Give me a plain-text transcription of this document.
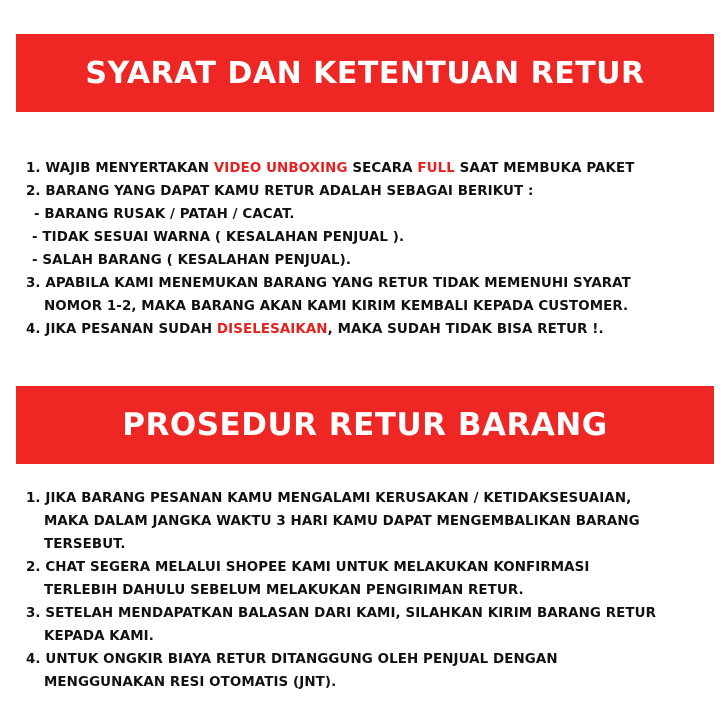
SYARAT DAN KETENTUAN RETUR
1. WAJIB MENYERTAKAN VIDEO UNBOXING SECARA FULL SAAT MEMBUKA PAKET
2. BARANG YANG DAPAT KAMU RETUR ADALAH SEBAGAI BERIKUT :
- BARANG RUSAK / PATAH / CACAT.
- TIDAK SESUAI WARNA ( KESALAHAN PENJUAL ).
- SALAH BARANG ( KESALAHAN PENJUAL).
3. APABILA KAMI MENEMUKAN BARANG YANG RETUR TIDAK MEMENUHI SYARAT
NOMOR 1-2, MAKA BARANG AKAN KAMI KIRIM KEMBALI KEPADA CUSTOMER.
4. JIKA PESANAN SUDAH DISELESAIKAN, MAKA SUDAH TIDAK BISA RETUR !.
PROSEDUR RETUR BARANG
1. JIKA BARANG PESANAN KAMU MENGALAMI KERUSAKAN / KETIDAKSESUAIAN,
MAKA DALAM JANGKA WAKTU 3 HARI KAMU DAPAT MENGEMBALIKAN BARANG
TERSEBUT.
2. CHAT SEGERA MELALUI SHOPEE KAMI UNTUK MELAKUKAN KONFIRMASI
TERLEBIH DAHULU SEBELUM MELAKUKAN PENGIRIMAN RETUR.
3. SETELAH MENDAPATKAN BALASAN DARI KAMI, SILAHKAN KIRIM BARANG RETUR
KEPADA KAMI.
4. UNTUK ONGKIR BIAYA RETUR DITANGGUNG OLEH PENJUAL DENGAN
MENGGUNAKAN RESI OTOMATIS (JNT).
